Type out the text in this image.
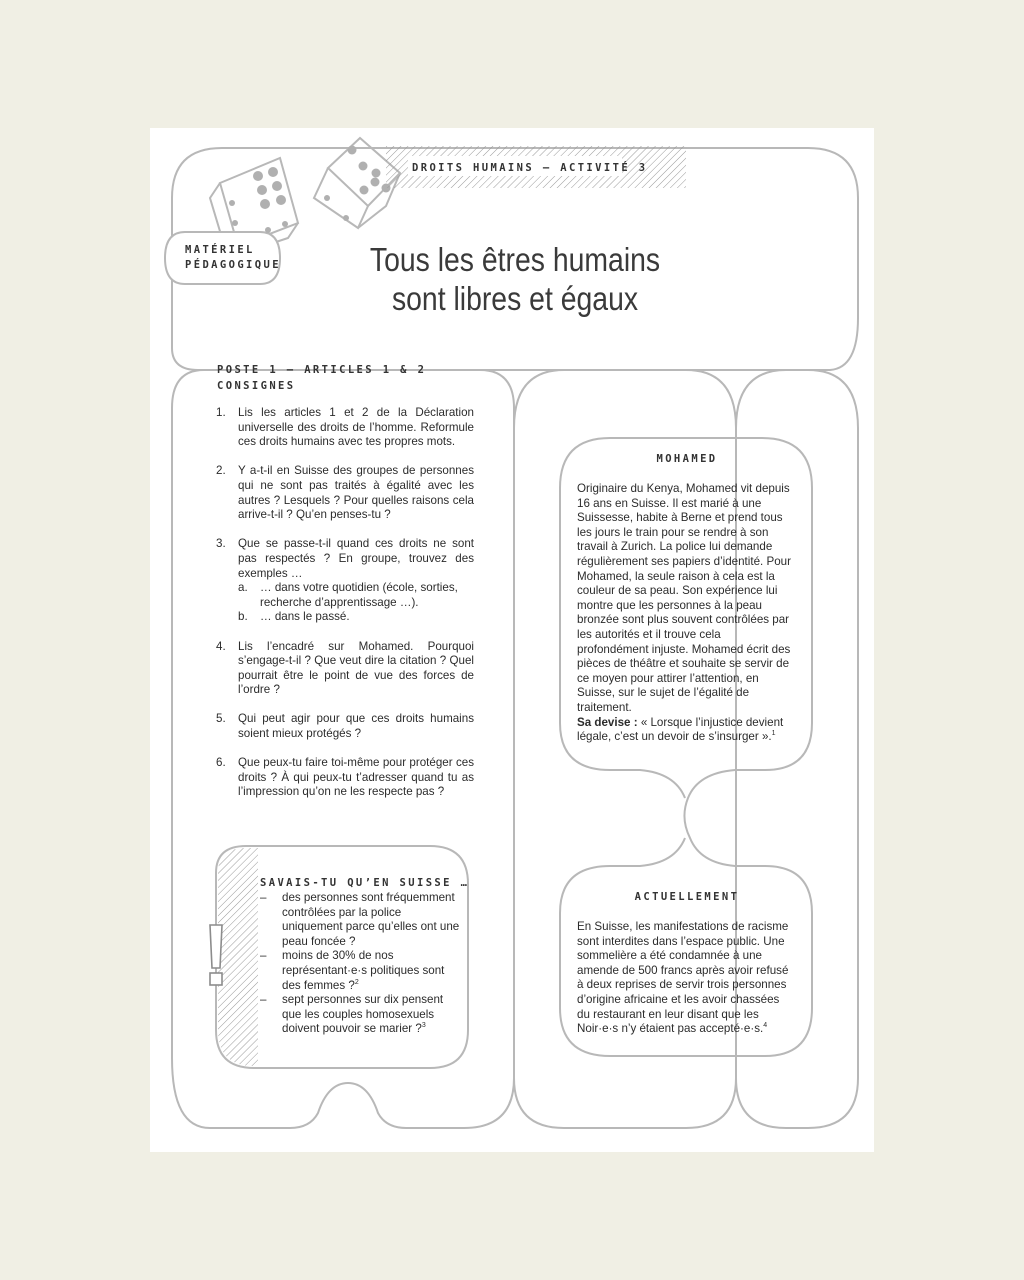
DROITS HUMAINS – ACTIVITÉ 3
MATÉRIEL
PÉDAGOGIQUE	Tous les êtres humains
sont libres et égaux
POSTE 1 – ARTICLES 1 & 2
CONSIGNES
1. Lis les articles 1 et 2 de la Déclaration universelle des droits de l’homme. Reformule ces droits humains avec tes propres mots.
2. Y a-t-il en Suisse des groupes de personnes qui ne sont pas traités à égalité avec les autres ? Lesquels ? Pour quelles raisons cela arrive-t-il ? Qu’en penses-tu ?
3. Que se passe-t-il quand ces droits ne sont pas respectés ? En groupe, trouvez des exemples …
a. … dans votre quotidien (école, sorties, recherche d’apprentissage …).
b. … dans le passé.
4. Lis l’encadré sur Mohamed. Pourquoi s’engage-t-il ? Que veut dire la citation ? Quel pourrait être le point de vue des forces de l’ordre ?
5. Qui peut agir pour que ces droits humains soient mieux protégés ?
6. Que peux-tu faire toi-même pour protéger ces droits ? À qui peux-tu t’adresser quand tu as l’impression qu’on ne les respecte pas ?
MOHAMED
Originaire du Kenya, Mohamed vit depuis 16 ans en Suisse. Il est marié à une Suissesse, habite à Berne et prend tous les jours le train pour se rendre à son travail à Zurich. La police lui demande régulièrement ses papiers d’identité. Pour Mohamed, la seule raison à cela est la couleur de sa peau. Son expérience lui montre que les personnes à la peau bronzée sont plus souvent contrôlées par les autorités et il trouve cela profondément injuste. Mohamed écrit des pièces de théâtre et souhaite se servir de ce moyen pour attirer l’attention, en Suisse, sur le sujet de l’égalité de traitement.
Sa devise : « Lorsque l’injustice devient légale, c’est un devoir de s’insurger ».$^1$
SAVAIS-TU QU’EN SUISSE …
– des personnes sont fréquemment contrôlées par la police uniquement parce qu’elles ont une peau foncée ?
– moins de 30% de nos représentant·e·s politiques sont des femmes ?$^2$
– sept personnes sur dix pensent que les couples homosexuels doivent pouvoir se marier ?$^3$
ACTUELLEMENT
En Suisse, les manifestations de racisme sont interdites dans l’espace public. Une sommelière a été condamnée à une amende de 500 francs après avoir refusé à deux reprises de servir trois personnes d’origine africaine et les avoir chassées du restaurant en leur disant que les Noir·e·s n’y étaient pas accepté·e·s.$^4$
